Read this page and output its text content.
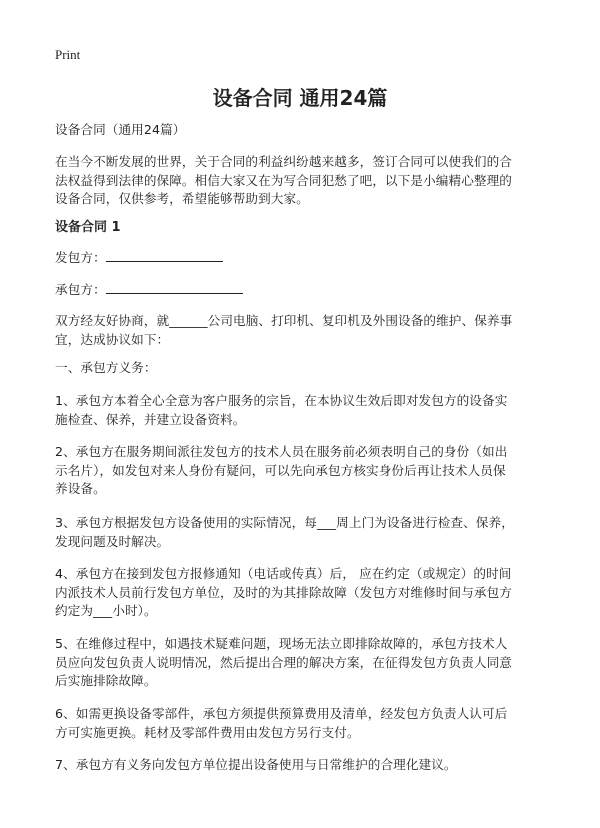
Print
设备合同 通用24篇
设备合同（通用24篇）
在当今不断发展的世界，关于合同的利益纠纷越来越多，签订合同可以使我们的合
法权益得到法律的保障。相信大家又在为写合同犯愁了吧，以下是小编精心整理的
设备合同，仅供参考，希望能够帮助到大家。
设备合同 1
发包方：
承包方：
双方经友好协商，就______公司电脑、打印机、复印机及外围设备的维护、保养事
宜，达成协议如下：
一、承包方义务：
1、承包方本着全心全意为客户服务的宗旨，在本协议生效后即对发包方的设备实
施检查、保养，并建立设备资料。
2、承包方在服务期间派往发包方的技术人员在服务前必须表明自己的身份（如出
示名片），如发包对来人身份有疑问，可以先向承包方核实身份后再让技术人员保
养设备。
3、承包方根据发包方设备使用的实际情况，每___周上门为设备进行检查、保养，
发现问题及时解决。
4、承包方在接到发包方报修通知（电话或传真）后， 应在约定（或规定）的时间
内派技术人员前行发包方单位，及时的为其排除故障（发包方对维修时间与承包方
约定为___小时）。
5、在维修过程中，如遇技术疑难问题，现场无法立即排除故障的，承包方技术人
员应向发包负责人说明情况，然后提出合理的解决方案，在征得发包方负责人同意
后实施排除故障。
6、如需更换设备零部件，承包方须提供预算费用及清单，经发包方负责人认可后
方可实施更换。耗材及零部件费用由发包方另行支付。
7、承包方有义务向发包方单位提出设备使用与日常维护的合理化建议。
